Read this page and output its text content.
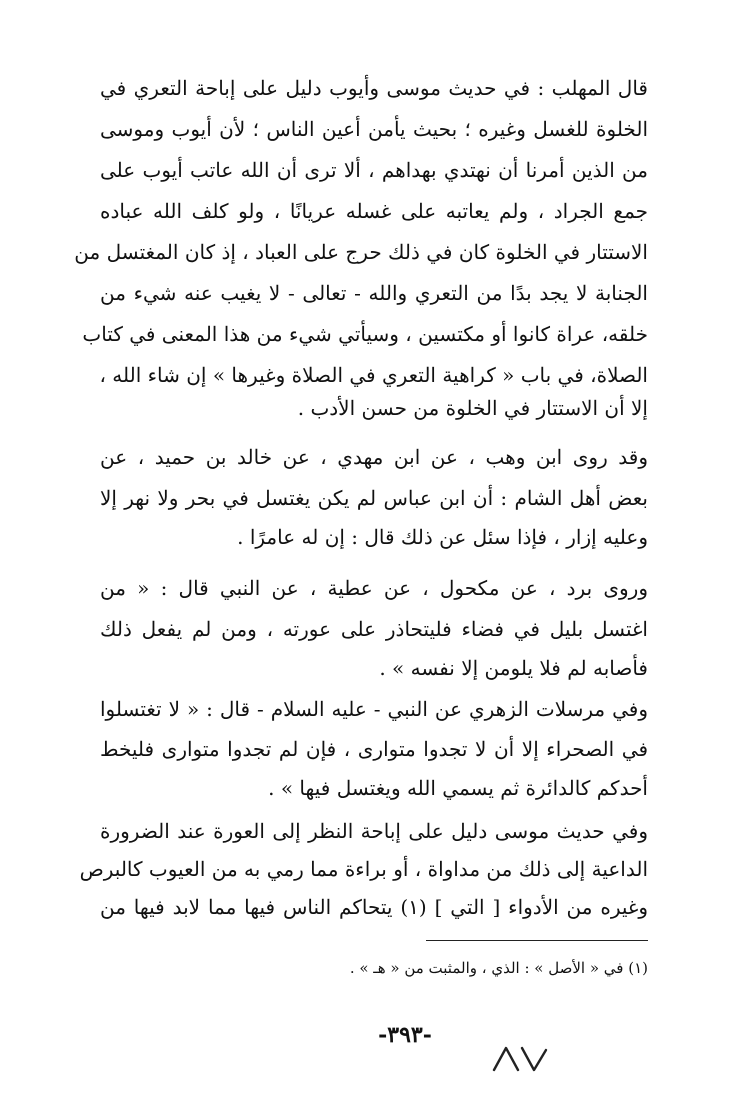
قال المهلب : في حديث موسى وأيوب دليل على إباحة التعري في
الخلوة للغسل وغيره ؛ بحيث يأمن أعين الناس ؛ لأن أيوب وموسى
من الذين أمرنا أن نهتدي بهداهم ، ألا ترى أن الله عاتب أيوب على
جمع الجراد ، ولم يعاتبه على غسله عريانًا ، ولو كلف الله عباده
الاستتار في الخلوة كان في ذلك حرج على العباد ، إذ كان المغتسل من
الجنابة لا يجد بدًا من التعري والله - تعالى - لا يغيب عنه شيء من
خلقه، عراة كانوا أو مكتسين ، وسيأتي شيء من هذا المعنى في كتاب
الصلاة، في باب « كراهية التعري في الصلاة وغيرها » إن شاء الله ،
إلا أن الاستتار في الخلوة من حسن الأدب .
وقد روى ابن وهب ، عن ابن مهدي ، عن خالد بن حميد ، عن
بعض أهل الشام : أن ابن عباس لم يكن يغتسل في بحر ولا نهر إلا
وعليه إزار ، فإذا سئل عن ذلك قال : إن له عامرًا .
وروى برد ، عن مكحول ، عن عطية ، عن النبي قال : « من
اغتسل بليل في فضاء فليتحاذر على عورته ، ومن لم يفعل ذلك
فأصابه لم فلا يلومن إلا نفسه » .
وفي مرسلات الزهري عن النبي - عليه السلام - قال : « لا تغتسلوا
في الصحراء إلا أن لا تجدوا متوارى ، فإن لم تجدوا متوارى فليخط
أحدكم كالدائرة ثم يسمي الله ويغتسل فيها » .
وفي حديث موسى دليل على إباحة النظر إلى العورة عند الضرورة
الداعية إلى ذلك من مداواة ، أو براءة مما رمي به من العيوب كالبرص
وغيره من الأدواء [ التي ] (١) يتحاكم الناس فيها مما لابد فيها من
(١) في « الأصل » : الذي ، والمثبت من « هـ » .
-٣٩٣-
